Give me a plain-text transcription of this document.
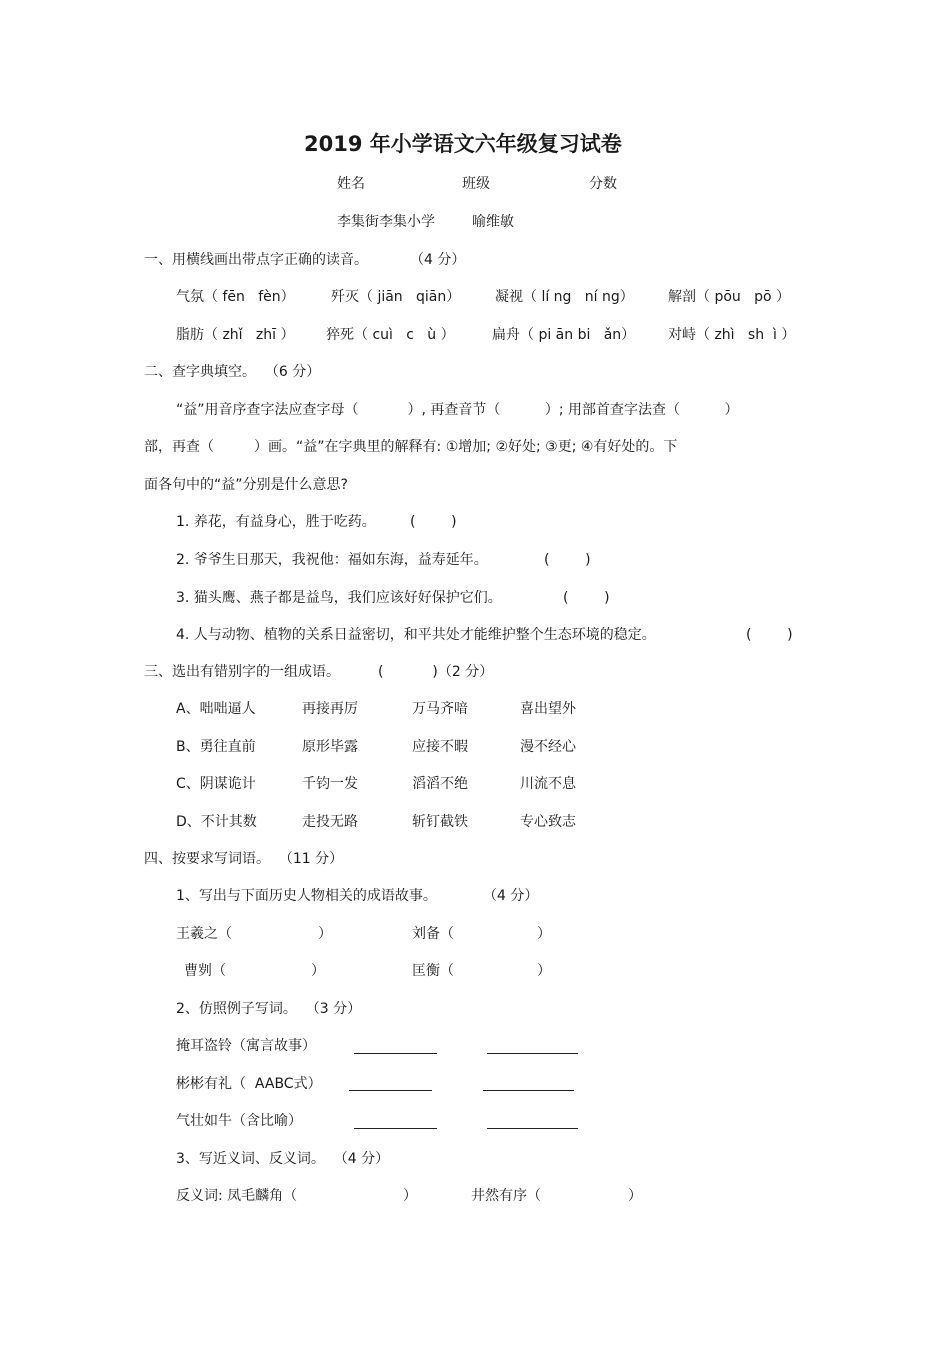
2019 年小学语文六年级复习试卷
姓名	班级	分数
李集街李集小学	喻维敏
一、用横线画出带点字正确的读音。	（4 分）
气氛（ fēn   fèn）	歼灭（ jiān   qiān） 凝视（ lí ng   ní ng） 解剖（ pōu   pō ）
脂肪（ zhǐ   zhī ） 猝死（ cuì   c   ù ）	扁舟（ pi ān bi   ǎn） 对峙（ zhì   sh  ì ）
二、查字典填空。  （6 分）
“益”用音序查字法应查字母（           ）, 再查音节（          ）; 用部首查字法查（          ）
部，再查（         ）画。“益”在字典里的解释有: ①增加; ②好处; ③更; ④有好处的。下
面各句中的“益”分别是什么意思?
1. 养花，有益身心，胜于吃药。 (        )
2. 爷爷生日那天，我祝他：福如东海，益寿延年。	(        )
3. 猫头鹰、燕子都是益鸟，我们应该好好保护它们。	(        )
4. 人与动物、植物的关系日益密切，和平共处才能维护整个生态环境的稳定。	(        )
三、选出有错别字的一组成语。	(           )（2 分）
A、咄咄逼人	再接再厉	万马齐喑	喜出望外
B、勇往直前	原形毕露	应接不暇	漫不经心
C、阴谋诡计	千钧一发	滔滔不绝	川流不息
D、不计其数	走投无路	斩钉截铁	专心致志
四、按要求写词语。  （11 分）
1、写出与下面历史人物相关的成语故事。	（4 分）
王羲之（	）	刘备（	）
曹刿（	）	匡衡（	）
2、仿照例子写词。  （3 分）
掩耳盗铃（寓言故事）
彬彬有礼（  AABC式）
气壮如牛（含比喻）
3、写近义词、反义词。  （4 分）
反义词: 凤毛麟角（	）	井然有序（	）
